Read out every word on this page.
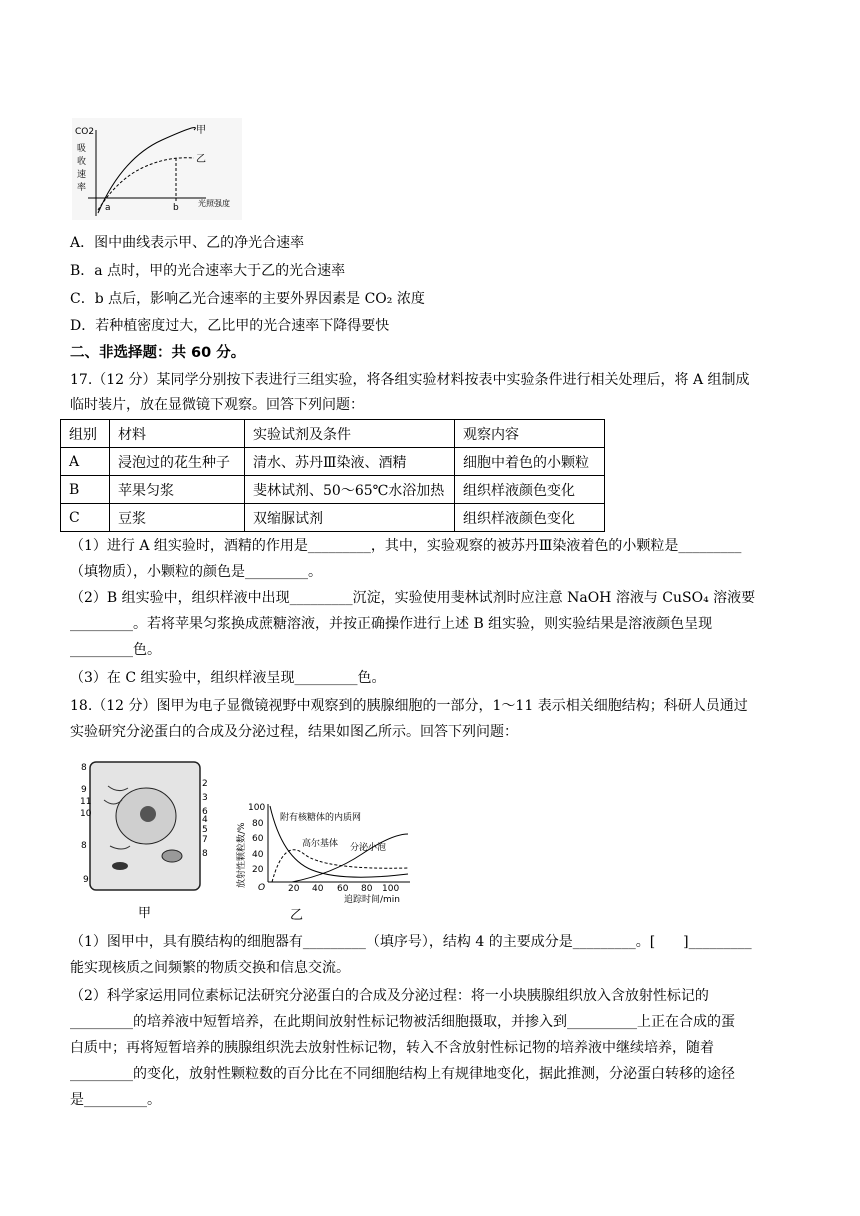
CO2
吸
收
速
率
甲
乙
a	b 光照强度
A．图中曲线表示甲、乙的净光合速率
B．a 点时，甲的光合速率大于乙的光合速率
C．b 点后，影响乙光合速率的主要外界因素是 CO₂ 浓度
D．若种植密度过大，乙比甲的光合速率下降得要快
二、非选择题：共 60 分。
17.（12 分）某同学分别按下表进行三组实验，将各组实验材料按表中实验条件进行相关处理后，将 A 组制成
临时装片，放在显微镜下观察。回答下列问题：
组别	材料	实验试剂及条件	观察内容
A	浸泡过的花生种子	清水、苏丹Ⅲ染液、酒精	细胞中着色的小颗粒
B	苹果匀浆	斐林试剂、50～65℃水浴加热	组织样液颜色变化
C	豆浆	双缩脲试剂	组织样液颜色变化
（1）进行 A 组实验时，酒精的作用是_________，其中，实验观察的被苏丹Ⅲ染液着色的小颗粒是_________
（填物质），小颗粒的颜色是_________。
（2）B 组实验中，组织样液中出现_________沉淀，实验使用斐林试剂时应注意 NaOH 溶液与 CuSO₄ 溶液要
_________。若将苹果匀浆换成蔗糖溶液，并按正确操作进行上述 B 组实验，则实验结果是溶液颜色呈现
_________色。
（3）在 C 组实验中，组织样液呈现_________色。
18.（12 分）图甲为电子显微镜视野中观察到的胰腺细胞的一部分，1～11 表示相关细胞结构；科研人员通过
实验研究分泌蛋白的合成及分泌过程，结果如图乙所示。回答下列问题：
8
9
11
10
8
9
2
3
4
7
8
5
6
甲
放射性颗粒数/%
100
80
60
40
20
O	20 40 60 80 100
追踪时间/min
附有核糖体的内质网
高尔基体 分泌小泡
乙
（1）图甲中，具有膜结构的细胞器有_________（填序号），结构 4 的主要成分是_________。[　　]_________
能实现核质之间频繁的物质交换和信息交流。
（2）科学家运用同位素标记法研究分泌蛋白的合成及分泌过程：将一小块胰腺组织放入含放射性标记的
_________的培养液中短暂培养，在此期间放射性标记物被活细胞摄取，并掺入到__________上正在合成的蛋
白质中；再将短暂培养的胰腺组织洗去放射性标记物，转入不含放射性标记物的培养液中继续培养，随着
_________的变化，放射性颗粒数的百分比在不同细胞结构上有规律地变化，据此推测，分泌蛋白转移的途径
是_________。
